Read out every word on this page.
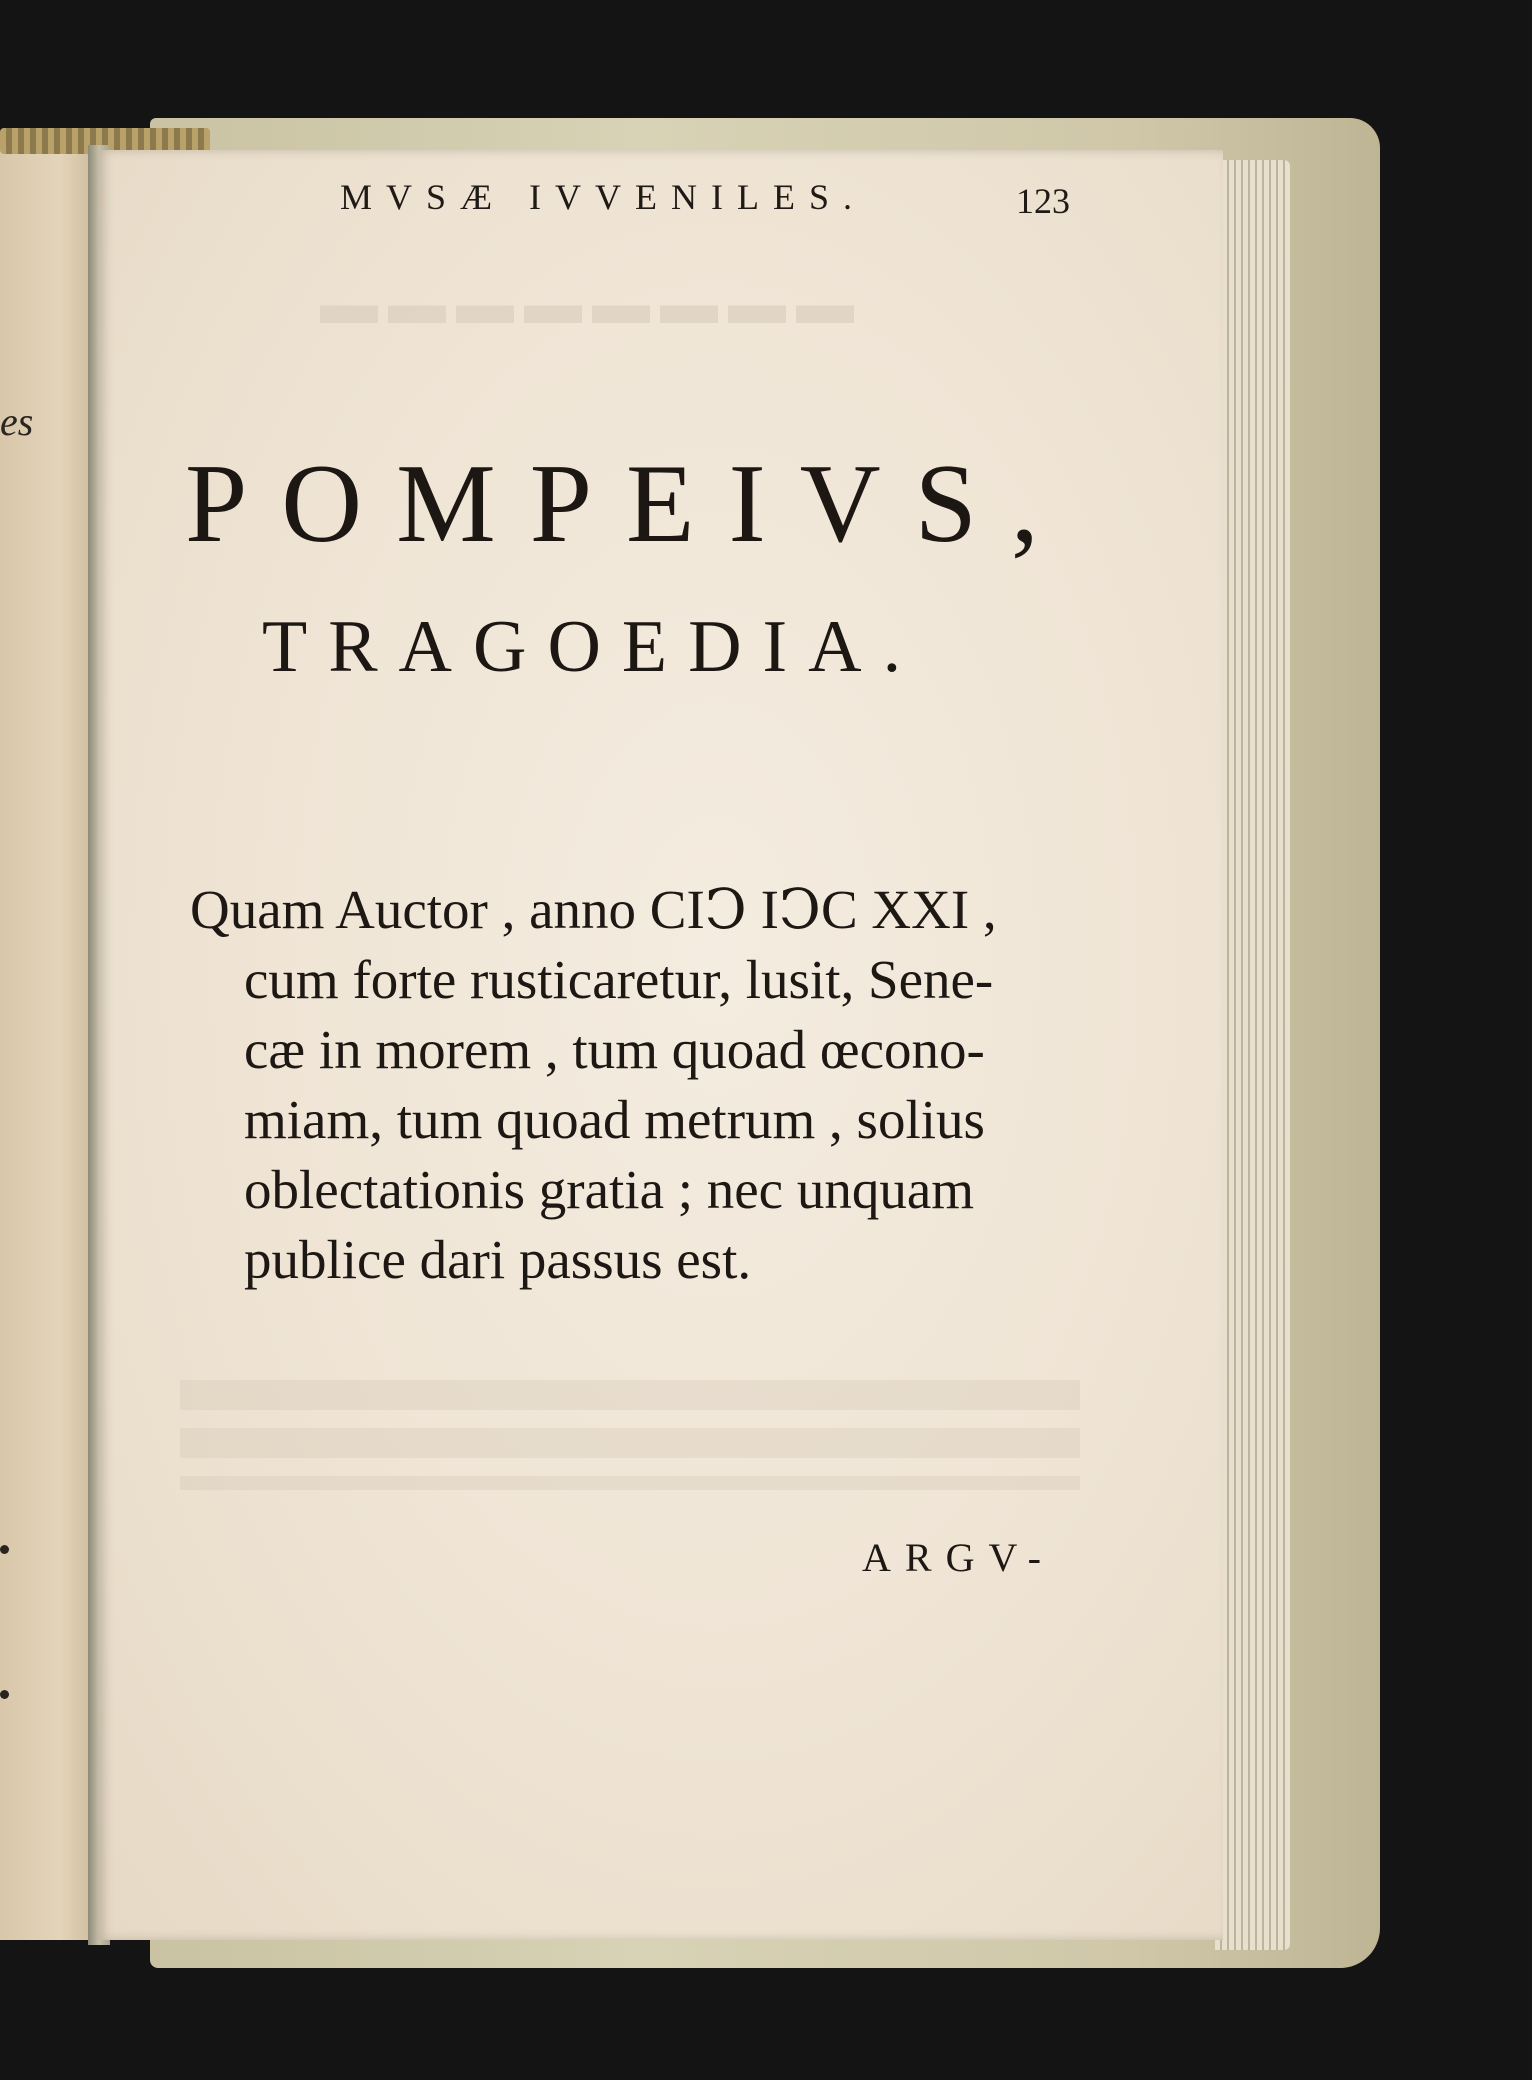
es
▬▬▬▬▬▬▬▬
MVSÆ IVVENILES.	123
POMPEIVS,
TRAGOEDIA.
Quam Auctor , anno CIↃ IↃC XXI ,
cum forte rusticaretur, lusit, Sene-
cæ in morem , tum quoad œcono-
miam, tum quoad metrum , solius
oblectationis gratia ; nec unquam
publice dari passus est.
ARGV-
